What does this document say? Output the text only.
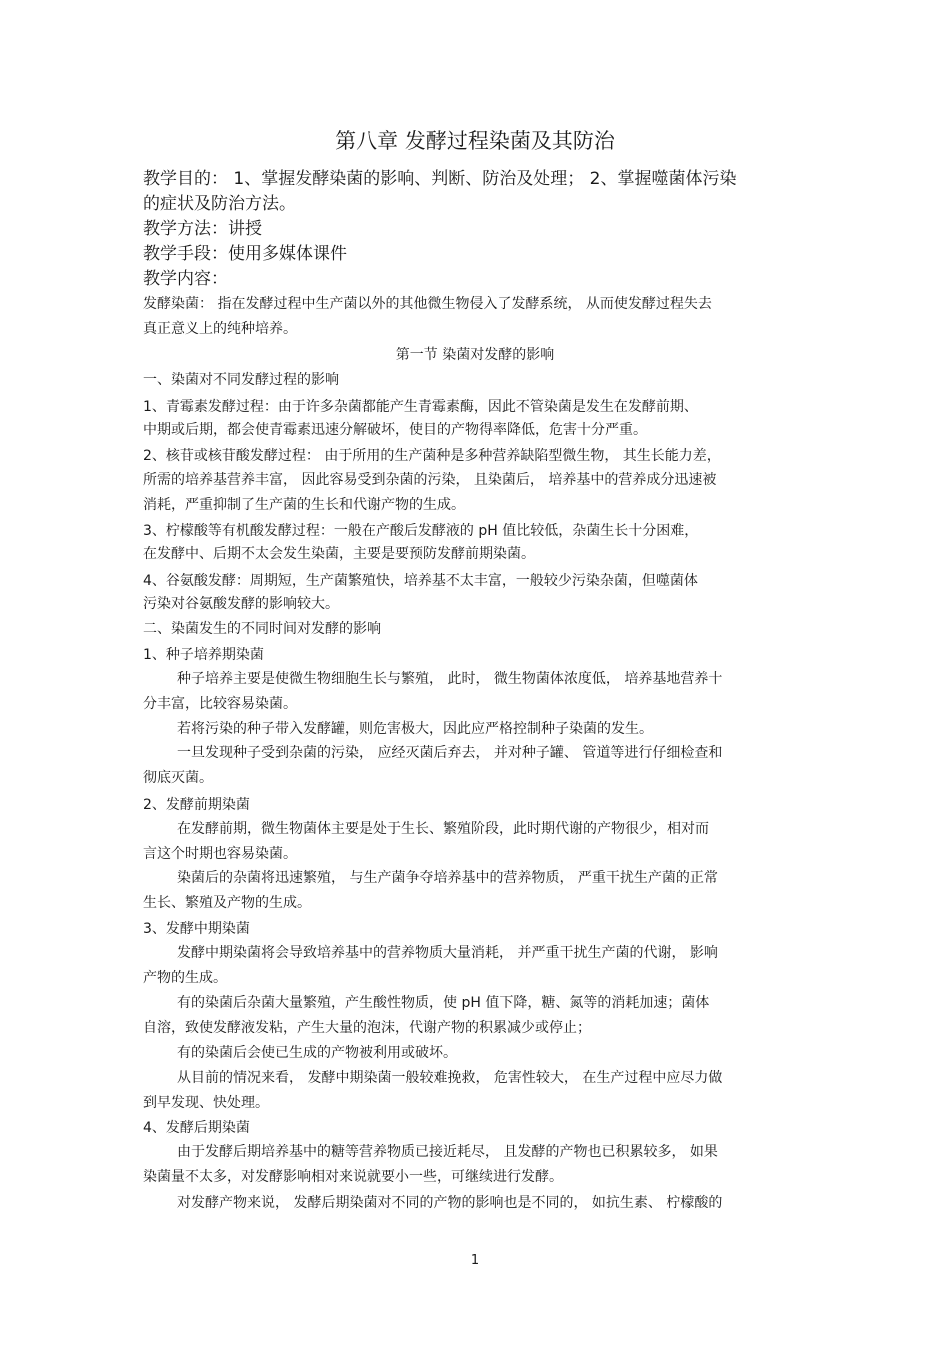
第八章 发酵过程染菌及其防治
教学目的： 1、掌握发酵染菌的影响、判断、防治及处理； 2、掌握噬菌体污染
的症状及防治方法。
教学方法：讲授
教学手段：使用多媒体课件
教学内容：
发酵染菌： 指在发酵过程中生产菌以外的其他微生物侵入了发酵系统， 从而使发酵过程失去
真正意义上的纯种培养。
第一节 染菌对发酵的影响
一、染菌对不同发酵过程的影响
1、青霉素发酵过程：由于许多杂菌都能产生青霉素酶，因此不管染菌是发生在发酵前期、
中期或后期，都会使青霉素迅速分解破坏，使目的产物得率降低，危害十分严重。
2、核苷或核苷酸发酵过程： 由于所用的生产菌种是多种营养缺陷型微生物， 其生长能力差，
所需的培养基营养丰富， 因此容易受到杂菌的污染， 且染菌后， 培养基中的营养成分迅速被
消耗，严重抑制了生产菌的生长和代谢产物的生成。
3、柠檬酸等有机酸发酵过程：一般在产酸后发酵液的 pH 值比较低，杂菌生长十分困难，
在发酵中、后期不太会发生染菌，主要是要预防发酵前期染菌。
4、谷氨酸发酵：周期短，生产菌繁殖快，培养基不太丰富，一般较少污染杂菌，但噬菌体
污染对谷氨酸发酵的影响较大。
二、染菌发生的不同时间对发酵的影响
1、种子培养期染菌
种子培养主要是使微生物细胞生长与繁殖， 此时， 微生物菌体浓度低， 培养基地营养十
分丰富，比较容易染菌。
若将污染的种子带入发酵罐，则危害极大，因此应严格控制种子染菌的发生。
一旦发现种子受到杂菌的污染， 应经灭菌后弃去， 并对种子罐、 管道等进行仔细检查和
彻底灭菌。
2、发酵前期染菌
在发酵前期，微生物菌体主要是处于生长、繁殖阶段，此时期代谢的产物很少，相对而
言这个时期也容易染菌。
染菌后的杂菌将迅速繁殖， 与生产菌争夺培养基中的营养物质， 严重干扰生产菌的正常
生长、繁殖及产物的生成。
3、发酵中期染菌
发酵中期染菌将会导致培养基中的营养物质大量消耗， 并严重干扰生产菌的代谢， 影响
产物的生成。
有的染菌后杂菌大量繁殖，产生酸性物质，使 pH 值下降，糖、氮等的消耗加速；菌体
自溶，致使发酵液发粘，产生大量的泡沫，代谢产物的积累减少或停止；
有的染菌后会使已生成的产物被利用或破坏。
从目前的情况来看， 发酵中期染菌一般较难挽救， 危害性较大， 在生产过程中应尽力做
到早发现、快处理。
4、发酵后期染菌
由于发酵后期培养基中的糖等营养物质已接近耗尽， 且发酵的产物也已积累较多， 如果
染菌量不太多，对发酵影响相对来说就要小一些，可继续进行发酵。
对发酵产物来说， 发酵后期染菌对不同的产物的影响也是不同的， 如抗生素、 柠檬酸的
1
